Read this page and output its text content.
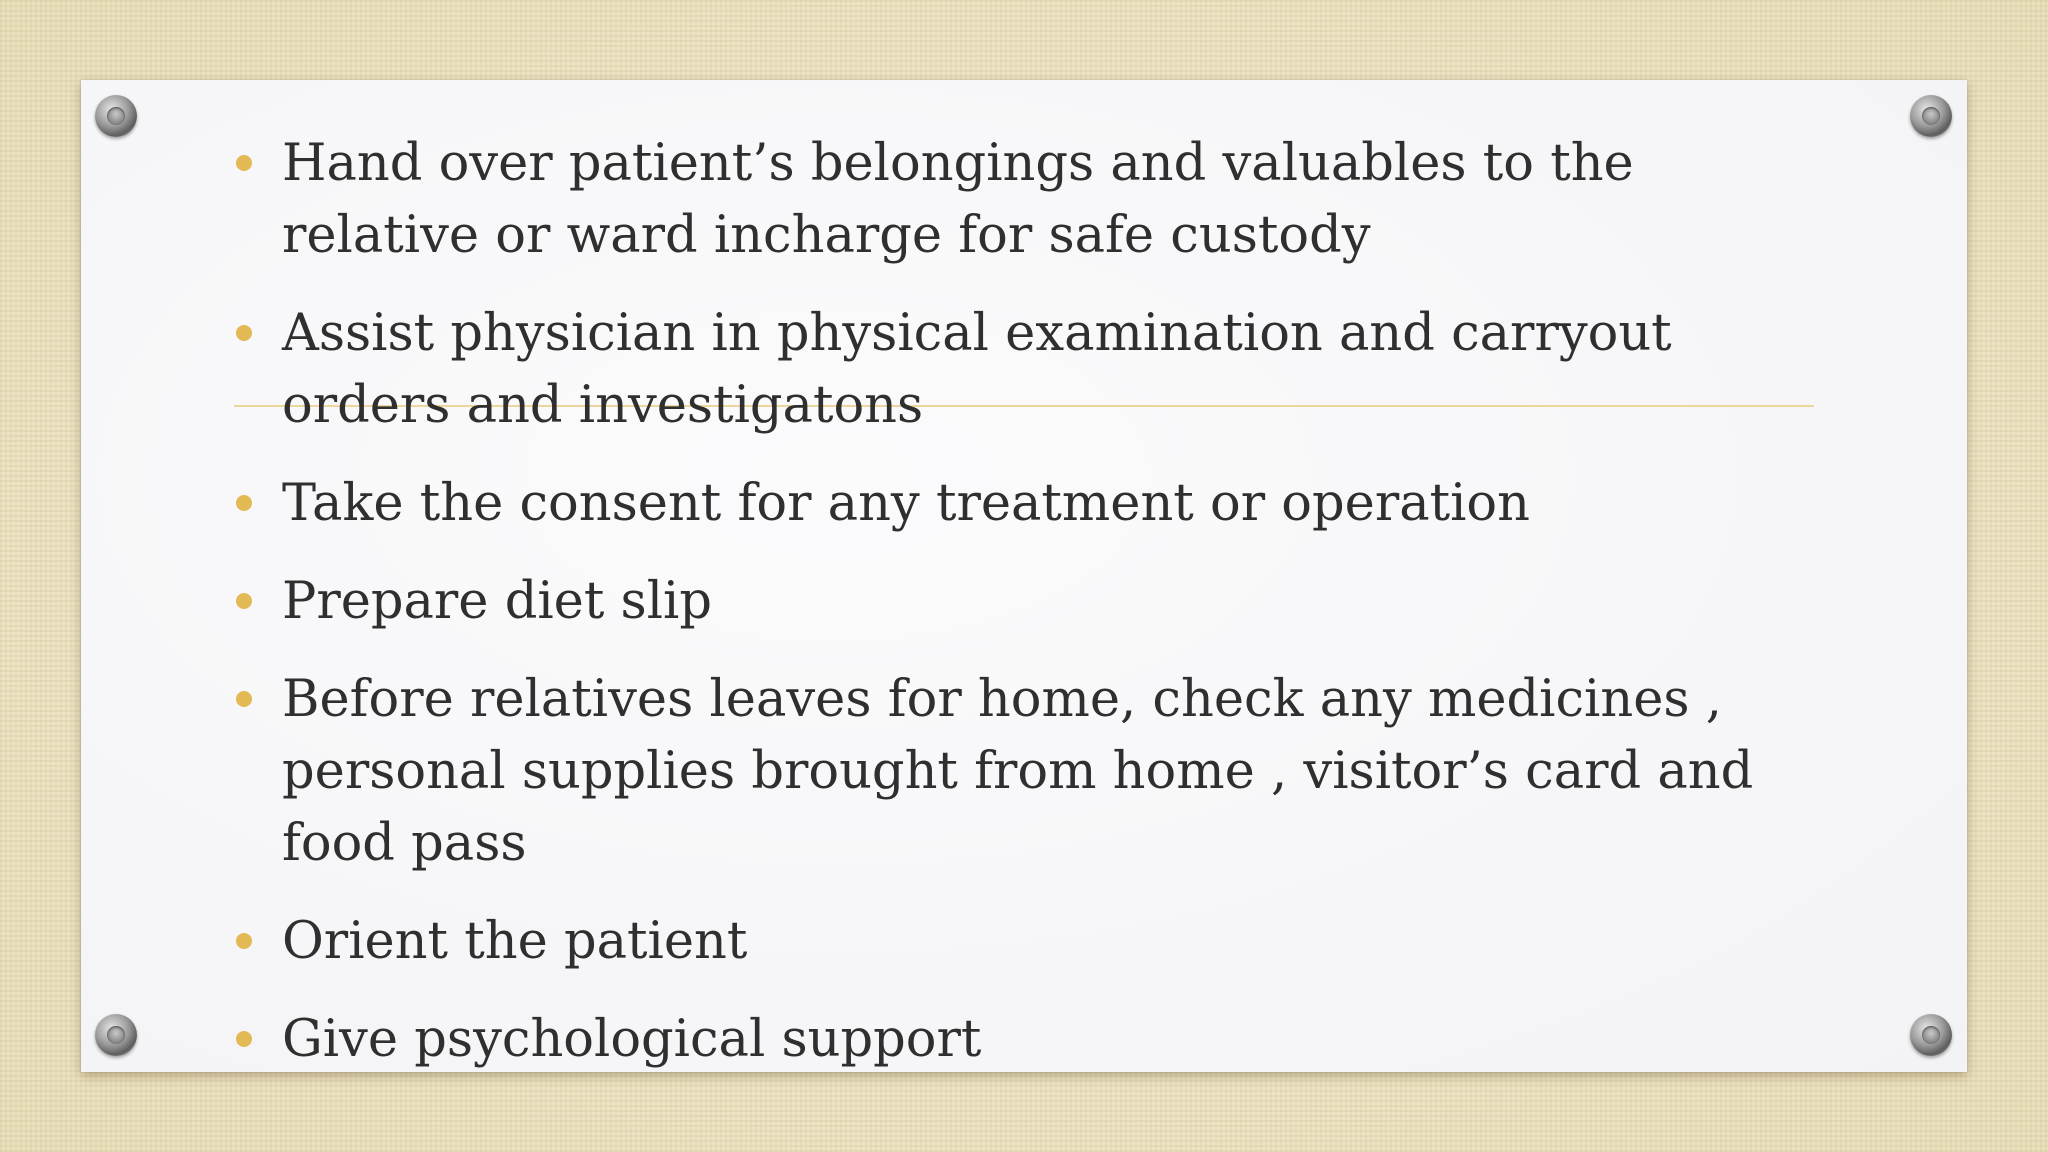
Hand over patient’s belongings and valuables to the relative or ward incharge for safe custody
Assist physician in physical examination and carryout orders and investigatons
Take the consent for any treatment or operation
Prepare diet slip
Before relatives leaves for home, check any medicines , personal supplies brought from home , visitor’s card and food pass
Orient the patient
Give psychological support
